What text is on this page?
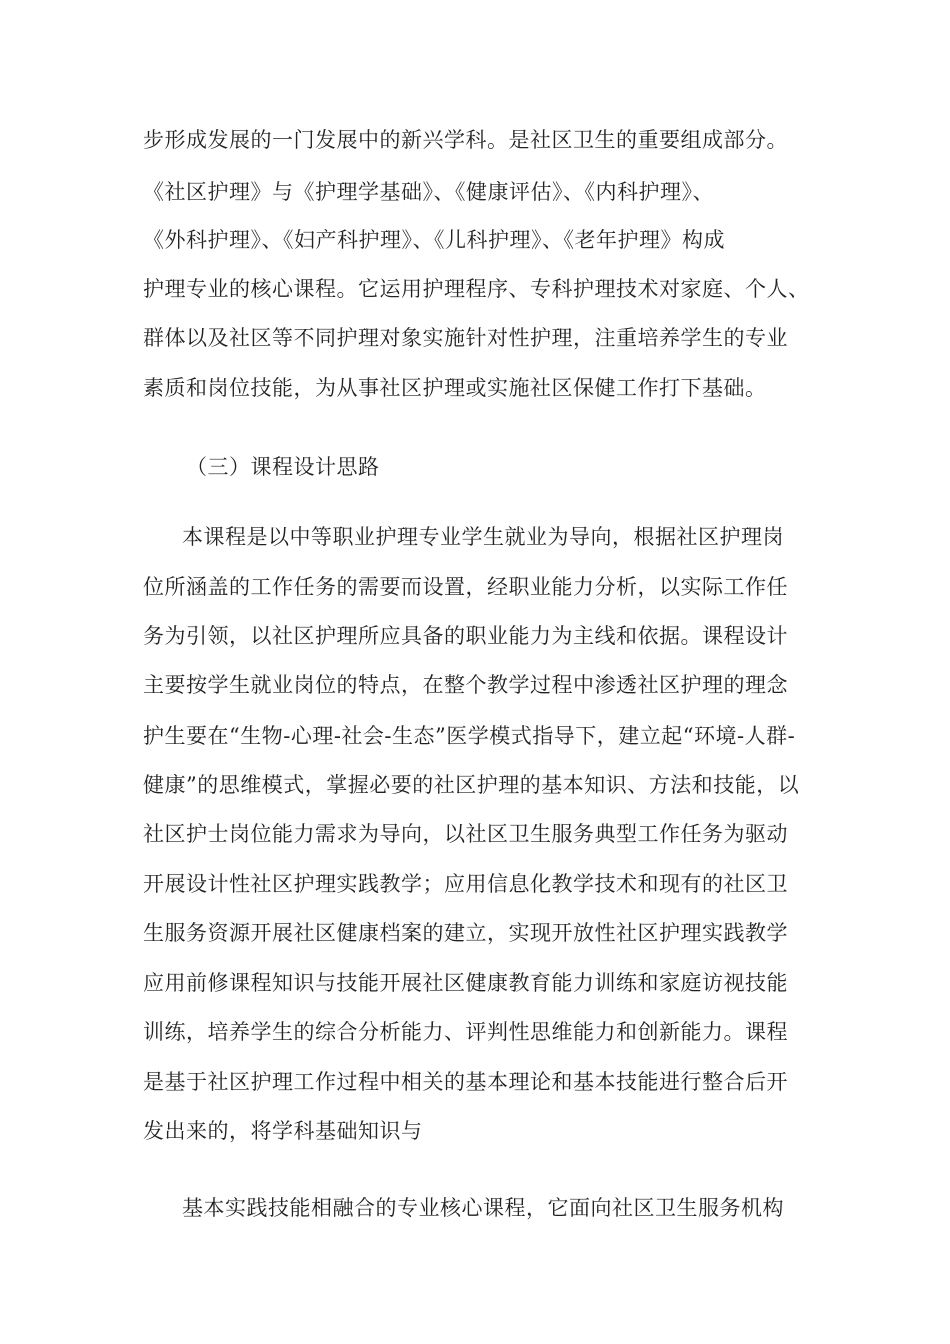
步形成发展的一门发展中的新兴学科。是社区卫生的重要组成部分。
《社区护理》与《护理学基础》、《健康评估》、《内科护理》、
《外科护理》、《妇产科护理》、《儿科护理》、《老年护理》构成
护理专业的核心课程。它运用护理程序、专科护理技术对家庭、个人、
群体以及社区等不同护理对象实施针对性护理，注重培养学生的专业
素质和岗位技能，为从事社区护理或实施社区保健工作打下基础。
（三）课程设计思路
本课程是以中等职业护理专业学生就业为导向，根据社区护理岗
位所涵盖的工作任务的需要而设置，经职业能力分析，以实际工作任
务为引领，以社区护理所应具备的职业能力为主线和依据。课程设计
主要按学生就业岗位的特点，在整个教学过程中渗透社区护理的理念
护生要在“生物-心理-社会-生态”医学模式指导下，建立起“环境-人群-
健康”的思维模式，掌握必要的社区护理的基本知识、方法和技能，以
社区护士岗位能力需求为导向，以社区卫生服务典型工作任务为驱动
开展设计性社区护理实践教学；应用信息化教学技术和现有的社区卫
生服务资源开展社区健康档案的建立，实现开放性社区护理实践教学
应用前修课程知识与技能开展社区健康教育能力训练和家庭访视技能
训练，培养学生的综合分析能力、评判性思维能力和创新能力。课程
是基于社区护理工作过程中相关的基本理论和基本技能进行整合后开
发出来的，将学科基础知识与
基本实践技能相融合的专业核心课程，它面向社区卫生服务机构
